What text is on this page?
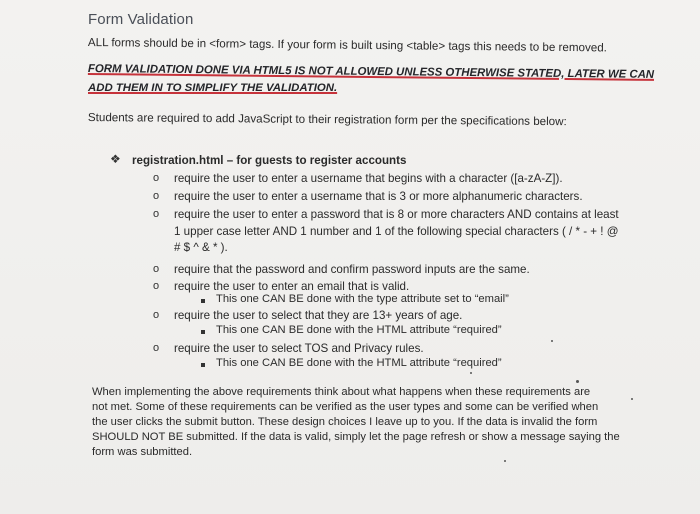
Form Validation
ALL forms should be in <form> tags. If your form is built using <table> tags this needs to be removed.
FORM VALIDATION DONE VIA HTML5 IS NOT ALLOWED UNLESS OTHERWISE STATED, LATER WE CAN
ADD THEM IN TO SIMPLIFY THE VALIDATION.
Students are required to add JavaScript to their registration form per the specifications below:
❖ registration.html – for guests to register accounts
o require the user to enter a username that begins with a character ([a-zA-Z]).
o require the user to enter a username that is 3 or more alphanumeric characters.
o require the user to enter a password that is 8 or more characters AND contains at least
1 upper case letter AND 1 number and 1 of the following special characters ( / * - + ! @
# $ ^ & * ).
o require that the password and confirm password inputs are the same.
o require the user to enter an email that is valid.
This one CAN BE done with the type attribute set to “email”
o require the user to select that they are 13+ years of age.
This one CAN BE done with the HTML attribute “required”
o require the user to select TOS and Privacy rules.
This one CAN BE done with the HTML attribute “required”
When implementing the above requirements think about what happens when these requirements are
not met. Some of these requirements can be verified as the user types and some can be verified when
the user clicks the submit button. These design choices I leave up to you. If the data is invalid the form
SHOULD NOT BE submitted. If the data is valid, simply let the page refresh or show a message saying the
form was submitted.
